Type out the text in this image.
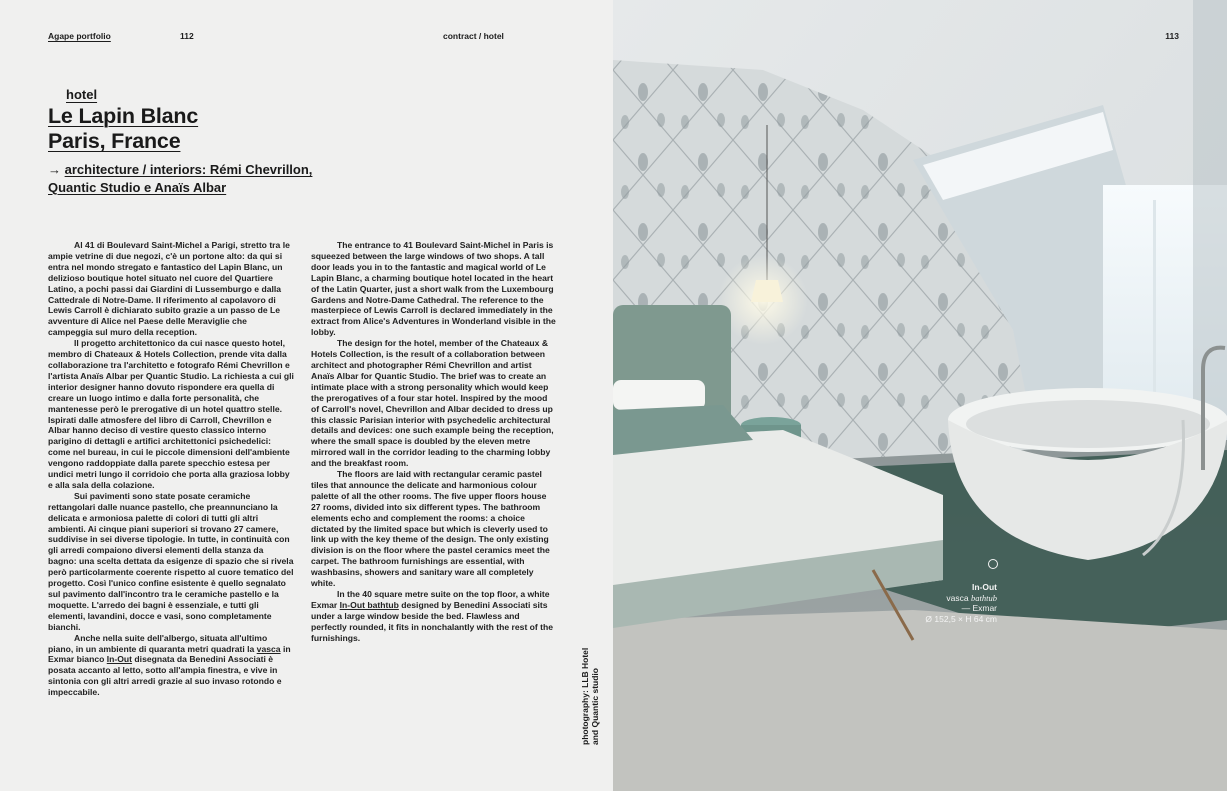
Agape portfolio	112	contract / hotel
hotel
Le Lapin Blanc
Paris, France
→ architecture / interiors: Rémi Chevrillon,
Quantic Studio e Anaïs Albar

Al 41 di Boulevard Saint-Michel a Parigi, stretto tra le ampie vetrine di due negozi, c'è un portone alto: da qui si entra nel mondo stregato e fantastico del Lapin Blanc, un delizioso boutique hotel situato nel cuore del Quartiere Latino, a pochi passi dai Giardini di Lussemburgo e dalla Cattedrale di Notre-Dame. Il riferimento al capolavoro di Lewis Carroll è dichiarato subito grazie a un passo de Le avventure di Alice nel Paese delle Meraviglie che campeggia sul muro della reception.

Il progetto architettonico da cui nasce questo hotel, membro di Chateaux & Hotels Collection, prende vita dalla collaborazione tra l'architetto e fotografo Rémi Chevrillon e l'artista Anaïs Albar per Quantic Studio. La richiesta a cui gli interior designer hanno dovuto rispondere era quella di creare un luogo intimo e dalla forte personalità, che mantenesse però le prerogative di un hotel quattro stelle. Ispirati dalle atmosfere del libro di Carroll, Chevrillon e Albar hanno deciso di vestire questo classico interno parigino di dettagli e artifici architettonici psichedelici: come nel bureau, in cui le piccole dimensioni dell'ambiente vengono raddoppiate dalla parete specchio estesa per undici metri lungo il corridoio che porta alla graziosa lobby e alla sala della colazione.

Sui pavimenti sono state posate ceramiche rettangolari dalle nuance pastello, che preannunciano la delicata e armoniosa palette di colori di tutti gli altri ambienti. Ai cinque piani superiori si trovano 27 camere, suddivise in sei diverse tipologie. In tutte, in continuità con gli arredi compaiono diversi elementi della stanza da bagno: una scelta dettata da esigenze di spazio che si rivela però particolarmente coerente rispetto al cuore tematico del progetto. Così l'unico confine esistente è quello segnalato sul pavimento dall'incontro tra le ceramiche pastello e la moquette. L'arredo dei bagni è essenziale, e tutti gli elementi, lavandini, docce e vasi, sono completamente bianchi.

Anche nella suite dell'albergo, situata all'ultimo piano, in un ambiente di quaranta metri quadrati la vasca in Exmar bianco In-Out disegnata da Benedini Associati è posata accanto al letto, sotto all'ampia finestra, e vive in sintonia con gli altri arredi grazie al suo invaso rotondo e impeccabile.

The entrance to 41 Boulevard Saint-Michel in Paris is squeezed between the large windows of two shops. A tall door leads you in to the fantastic and magical world of Le Lapin Blanc, a charming boutique hotel located in the heart of the Latin Quarter, just a short walk from the Luxembourg Gardens and Notre-Dame Cathedral. The reference to the masterpiece of Lewis Carroll is declared immediately in the extract from Alice's Adventures in Wonderland visible in the lobby.

The design for the hotel, member of the Chateaux & Hotels Collection, is the result of a collaboration between architect and photographer Rémi Chevrillon and artist Anaïs Albar for Quantic Studio. The brief was to create an intimate place with a strong personality which would keep the prerogatives of a four star hotel. Inspired by the mood of Carroll's novel, Chevrillon and Albar decided to dress up this classic Parisian interior with psychedelic architectural details and devices: one such example being the reception, where the small space is doubled by the eleven metre mirrored wall in the corridor leading to the charming lobby and the breakfast room.

The floors are laid with rectangular ceramic pastel tiles that announce the delicate and harmonious colour palette of all the other rooms. The five upper floors house 27 rooms, divided into six different types. The bathroom elements echo and complement the rooms: a choice dictated by the limited space but which is cleverly used to link up with the key theme of the design. The only existing division is on the floor where the pastel ceramics meet the carpet. The bathroom furnishings are essential, with washbasins, showers and sanitary ware all completely white.

In the 40 square metre suite on the top floor, a white Exmar In-Out bathtub designed by Benedini Associati sits under a large window beside the bed. Flawless and perfectly rounded, it fits in nonchalantly with the rest of the furnishings.

photography: LLB Hotel and Quantic studio
113
In-Out
vasca bathtub
— Exmar
Ø 152,5 × H 64 cm
